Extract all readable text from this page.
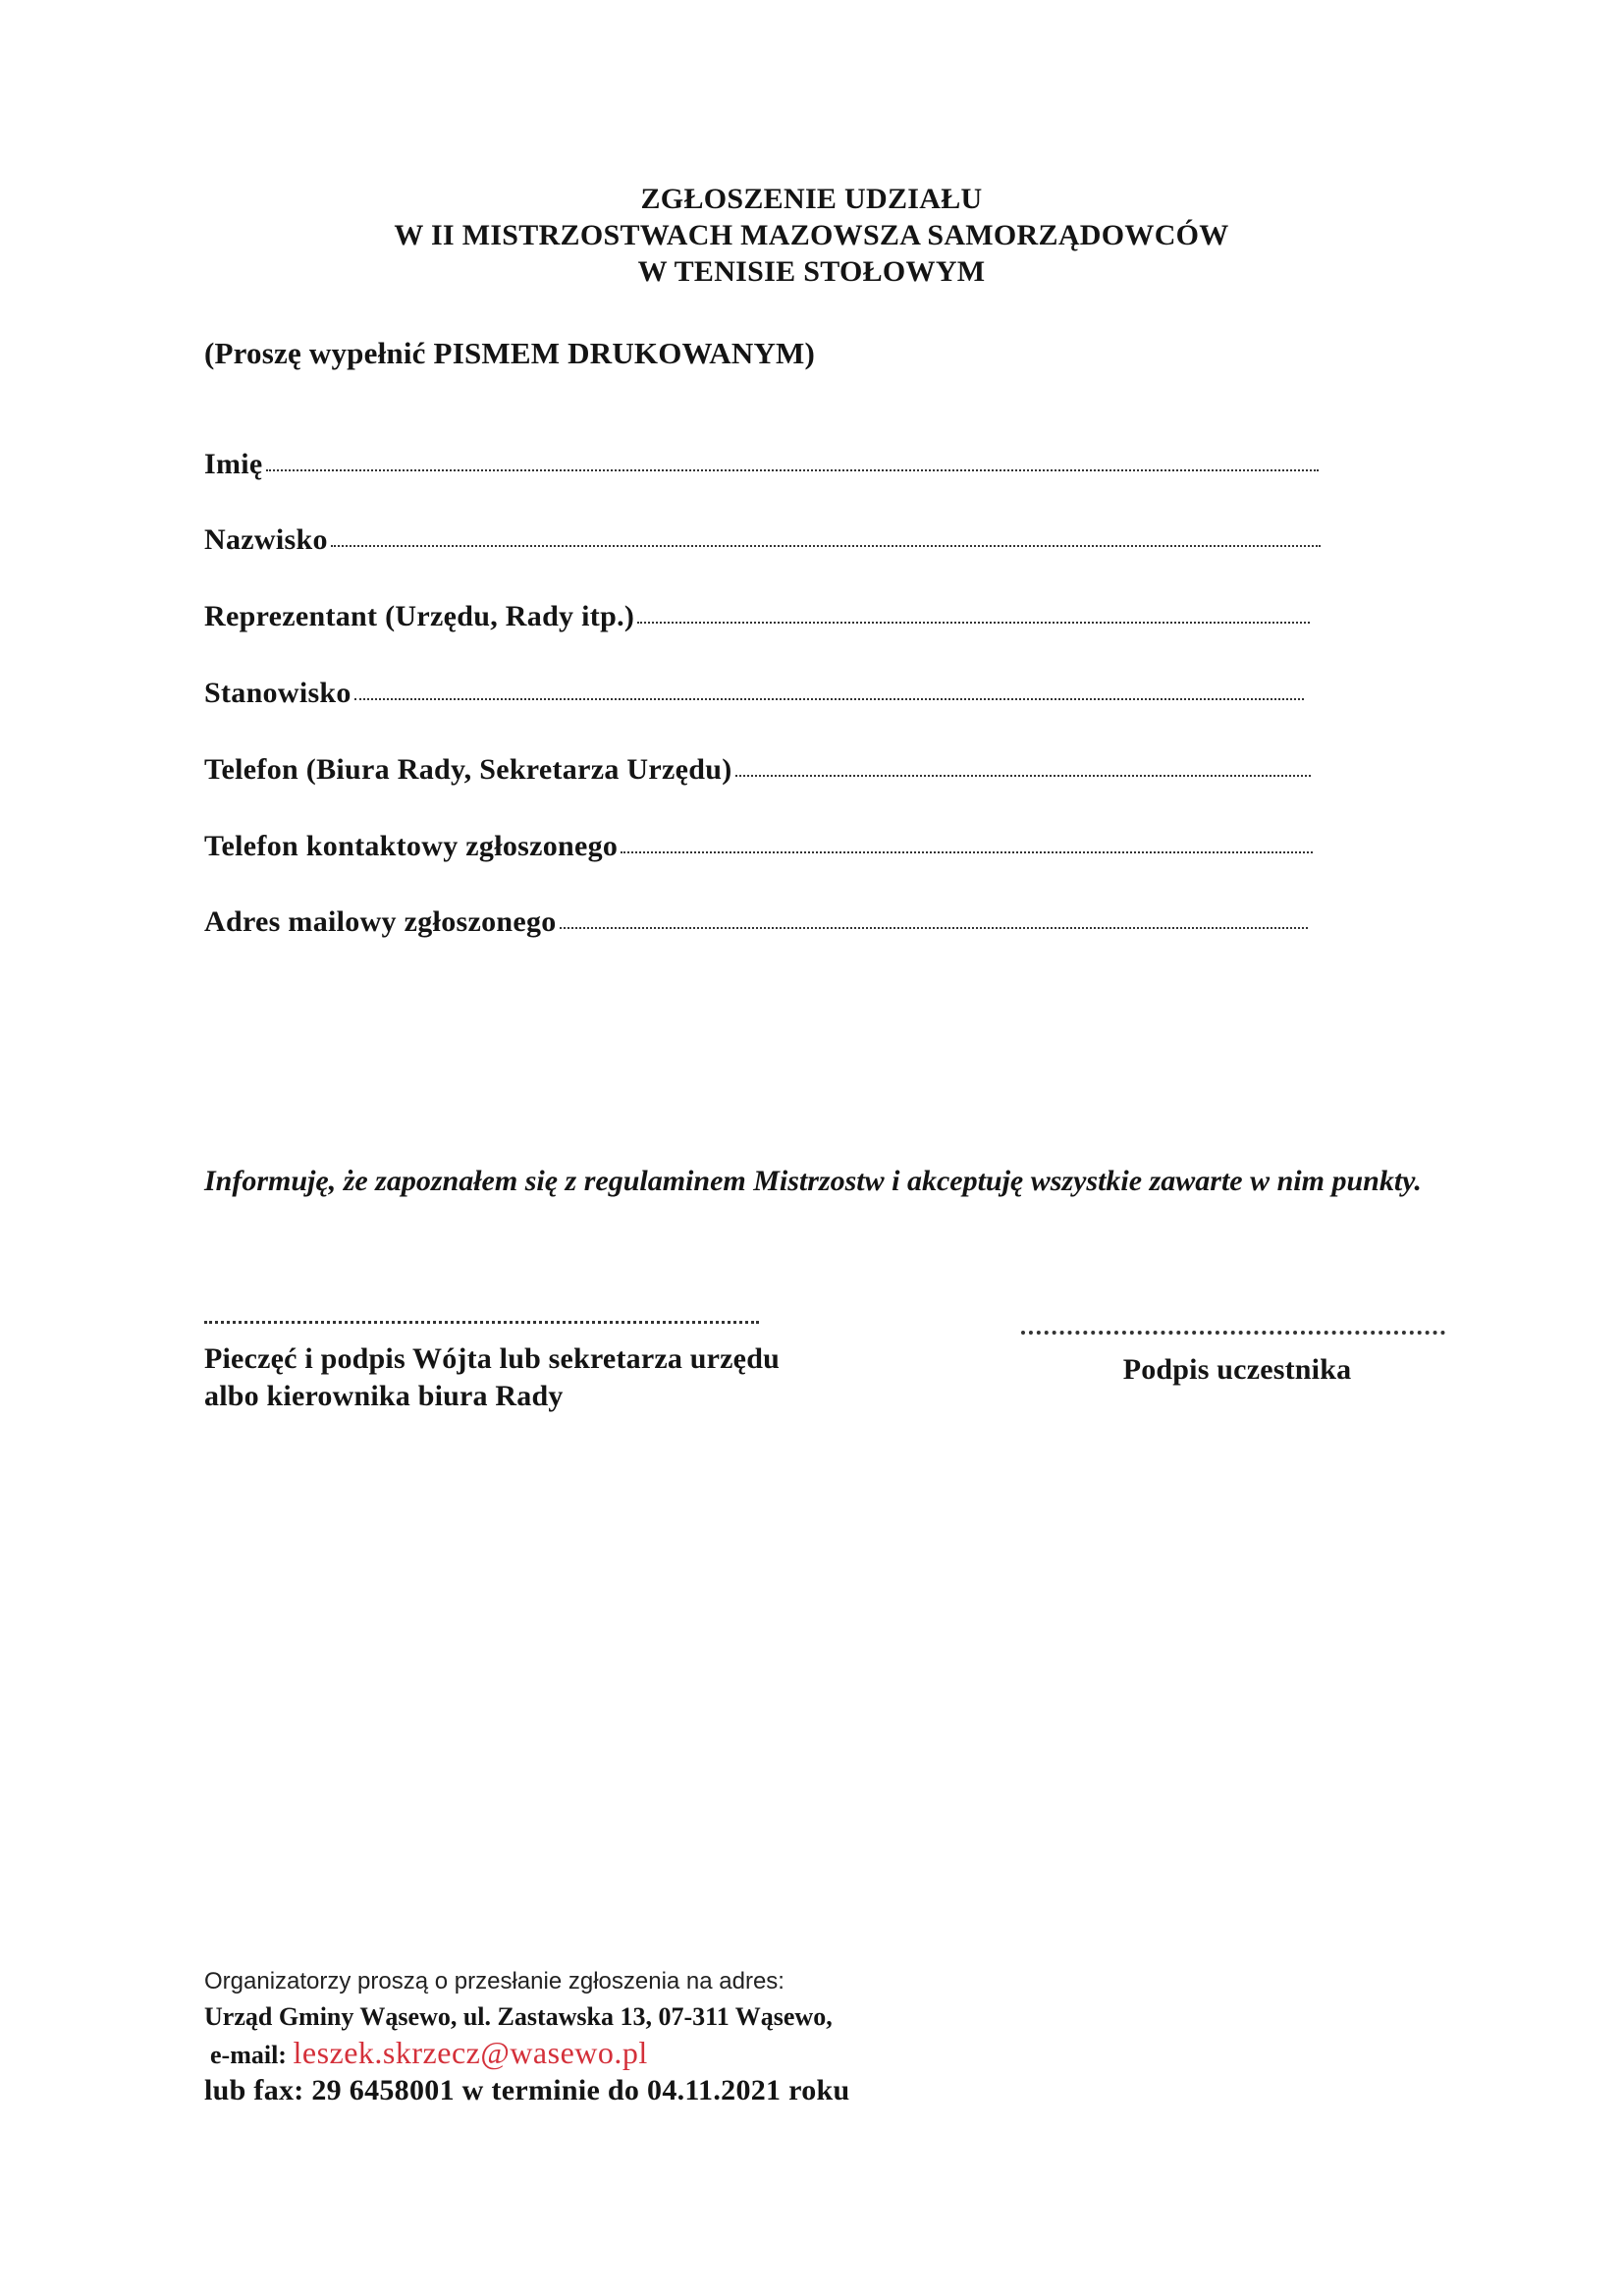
ZGŁOSZENIE UDZIAŁU
W II MISTRZOSTWACH MAZOWSZA SAMORZĄDOWCÓW
W TENISIE STOŁOWYM
(Proszę wypełnić PISMEM DRUKOWANYM)
Imię
Nazwisko
Reprezentant (Urzędu, Rady itp.)
Stanowisko
Telefon (Biura Rady, Sekretarza Urzędu)
Telefon kontaktowy zgłoszonego
Adres mailowy zgłoszonego
Informuję, że zapoznałem się z regulaminem Mistrzostw i akceptuję wszystkie zawarte w nim punkty.
Pieczęć i podpis Wójta lub sekretarza urzędu
albo kierownika biura Rady
Podpis uczestnika
Organizatorzy proszą o przesłanie zgłoszenia na adres:
Urząd Gminy Wąsewo, ul. Zastawska 13, 07-311 Wąsewo,
e-mail: leszek.skrzecz@wasewo.pl
lub fax: 29 6458001 w terminie do 04.11.2021 roku
